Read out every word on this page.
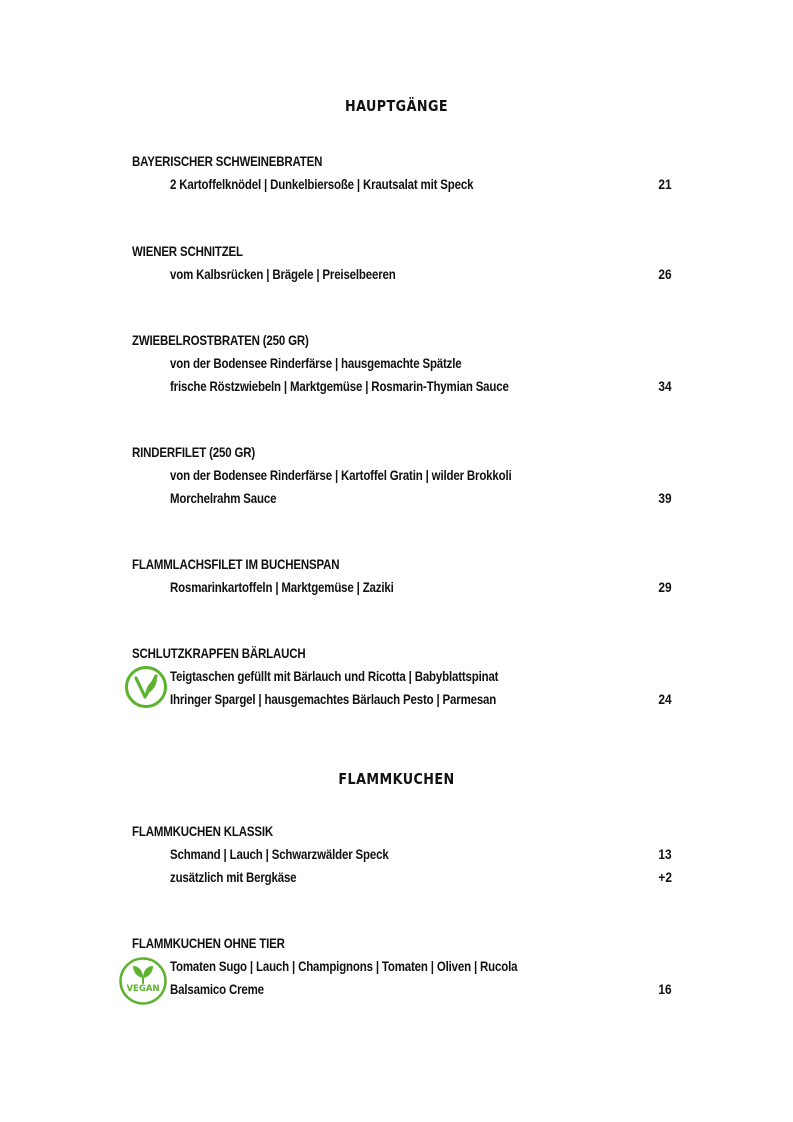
HAUPTGÄNGE
BAYERISCHER SCHWEINEBRATEN
2 Kartoffelknödel | Dunkelbiersoße | Krautsalat mit Speck	21
WIENER SCHNITZEL
vom Kalbsrücken | Brägele | Preiselbeeren	26
ZWIEBELROSTBRATEN (250 GR)
von der Bodensee Rinderfärse | hausgemachte Spätzle
frische Röstzwiebeln | Marktgemüse | Rosmarin-Thymian Sauce	34
RINDERFILET (250 GR)
von der Bodensee Rinderfärse | Kartoffel Gratin | wilder Brokkoli
Morchelrahm Sauce	39
FLAMMLACHSFILET IM BUCHENSPAN
Rosmarinkartoffeln | Marktgemüse | Zaziki	29
SCHLUTZKRAPFEN BÄRLAUCH
Teigtaschen gefüllt mit Bärlauch und Ricotta | Babyblattspinat
Ihringer Spargel | hausgemachtes Bärlauch Pesto | Parmesan	24
FLAMMKUCHEN
FLAMMKUCHEN KLASSIK
Schmand | Lauch | Schwarzwälder Speck	13
zusätzlich mit Bergkäse	+2
FLAMMKUCHEN OHNE TIER
Tomaten Sugo | Lauch | Champignons | Tomaten | Oliven | Rucola
Balsamico Creme	16
VEGAN
